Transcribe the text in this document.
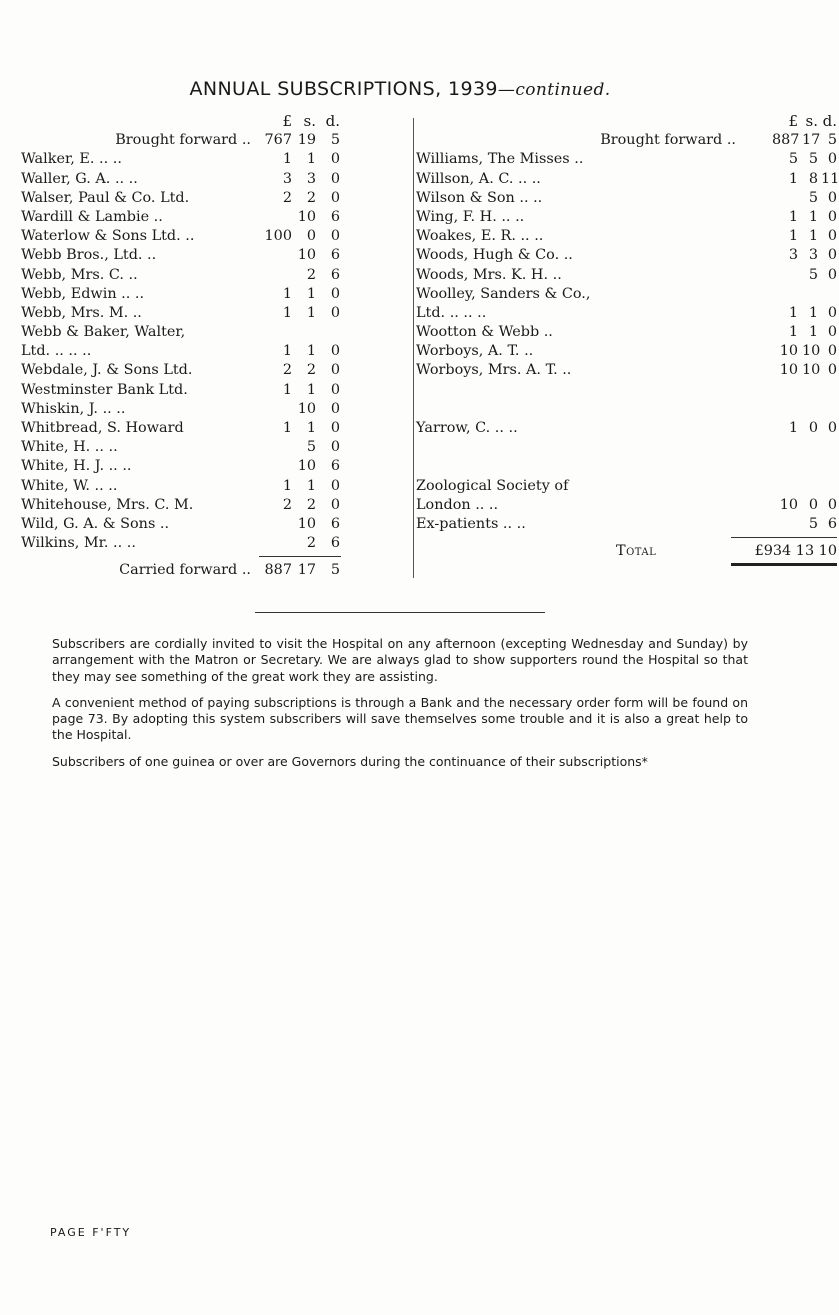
ANNUAL SUBSCRIPTIONS, 1939—continued.
£ s. d.
Brought forward .. 767 19	5
Walker, E. .. ..	1	1	0
Waller, G. A. .. ..	3	3	0
Walser, Paul & Co. Ltd.	2	2	0
Wardill & Lambie ..	10	6
Waterlow & Sons Ltd. ..	100	0	0
Webb Bros., Ltd. ..	10	6
Webb, Mrs. C. ..	2	6
Webb, Edwin .. ..	1	1	0
Webb, Mrs. M. ..	1	1	0
Webb & Baker, Walter,
Ltd. .. .. ..	1	1	0
Webdale, J. & Sons Ltd.	2	2	0
Westminster Bank Ltd.	1	1	0
Whiskin, J. .. ..	10	0
Whitbread, S. Howard	1	1	0
White, H. .. ..	5	0
White, H. J. .. ..	10	6
White, W. .. ..	1	1	0
Whitehouse, Mrs. C. M.	2	2	0
Wild, G. A. & Sons ..	10	6
Wilkins, Mr. .. ..	2	6
Carried forward .. 887 17	5
£ s. d.
Brought forward ..	887 17 5
Williams, The Misses ..	5 5 0
Willson, A. C. .. ..	1 8 11
Wilson & Son .. ..	5 0
Wing, F. H. .. ..	1 1 0
Woakes, E. R. .. ..	1 1 0
Woods, Hugh & Co. ..	3 3 0
Woods, Mrs. K. H. ..	5 0
Woolley, Sanders & Co.,
Ltd. .. .. ..	1 1 0
Wootton & Webb ..	1 1 0
Worboys, A. T. ..	10 10 0
Worboys, Mrs. A. T. ..	10 10 0
Yarrow, C. .. ..	1 0 0
Zoological Society of
London .. ..	10 0 0
Ex-patients .. ..	5 6
Total	£934 13 10

Subscribers are cordially invited to visit the Hospital on any afternoon (excepting Wednesday and Sunday) by arrangement with the Matron or Secretary. We are always glad to show supporters round the Hospital so that they may see something of the great work they are assisting.

A convenient method of paying subscriptions is through a Bank and the necessary order form will be found on page 73. By adopting this system subscribers will save themselves some trouble and it is also a great help to the Hospital.

Subscribers of one guinea or over are Governors during the continuance of their subscriptions*

PAGE F'FTY
